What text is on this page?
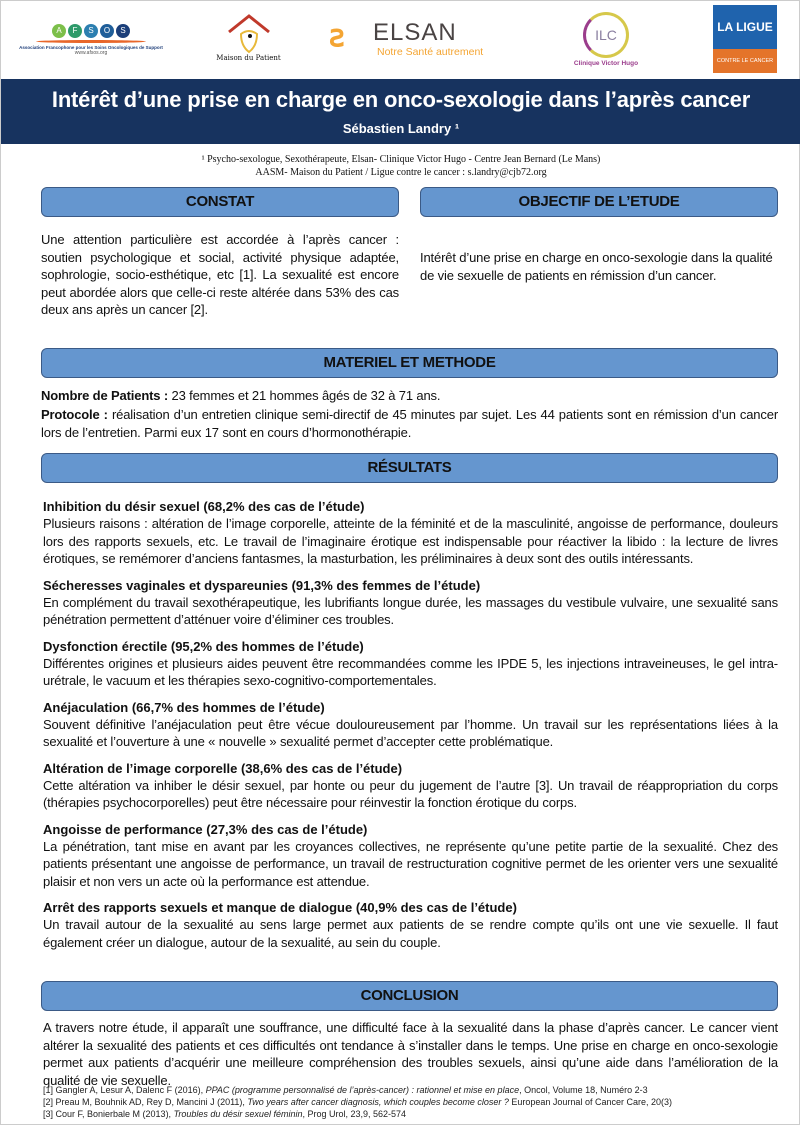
A	F	S	O	S
Association Francophone pour les Soins Oncologiques de Support
www.afsos.org
Maison du Patient
ꙅ ELSAN
Notre Santé autrement
ILC
Clinique Victor Hugo
LA LIGUE
CONTRE LE CANCER
Intérêt d’une prise en charge en onco-sexologie dans l’après cancer
Sébastien Landry ¹
¹ Psycho-sexologue, Sexothérapeute, Elsan- Clinique Victor Hugo - Centre Jean Bernard (Le Mans)
AASM- Maison du Patient / Ligue contre le cancer : s.landry@cjb72.org
CONSTAT	OBJECTIF DE L’ETUDE
Une attention particulière est accordée à l’après cancer : soutien psychologique et social, activité physique adaptée, sophrologie, socio-esthétique, etc [1]. La sexualité est encore peut abordée alors que celle-ci reste altérée dans 53% des cas deux ans après un cancer [2].
Intérêt d’une prise en charge en onco-sexologie dans la qualité de vie sexuelle de patients en rémission d’un cancer.
MATERIEL ET METHODE
Nombre de Patients : 23 femmes et 21 hommes âgés de 32 à 71 ans.
Protocole : réalisation d’un entretien clinique semi-directif de 45 minutes par sujet. Les 44 patients sont en rémission d’un cancer lors de l’entretien. Parmi eux 17 sont en cours d’hormonothérapie.
RÉSULTATS
Inhibition du désir sexuel (68,2% des cas de l’étude)

Plusieurs raisons : altération de l’image corporelle, atteinte de la féminité et de la masculinité, angoisse de performance, douleurs lors des rapports sexuels, etc. Le travail de l’imaginaire érotique est indispensable pour réactiver la libido : la lecture de livres érotiques, se remémorer d’anciens fantasmes, la masturbation, les préliminaires à deux sont des outils intéressants.

Sécheresses vaginales et dyspareunies (91,3% des femmes de l’étude)

En complément du travail sexothérapeutique, les lubrifiants longue durée, les massages du vestibule vulvaire, une sexualité sans pénétration permettent d’atténuer voire d’éliminer ces troubles.

Dysfonction érectile (95,2% des hommes de l’étude)

Différentes origines et plusieurs aides peuvent être recommandées comme les IPDE 5, les injections intraveineuses, le gel intra-urétrale, le vacuum et les thérapies sexo-cognitivo-comportementales.

Anéjaculation (66,7% des hommes de l’étude)

Souvent définitive l’anéjaculation peut être vécue douloureusement par l’homme. Un travail sur les représentations liées à la sexualité et l’ouverture à une « nouvelle » sexualité permet d’accepter cette problématique.

Altération de l’image corporelle (38,6% des cas de l’étude)

Cette altération va inhiber le désir sexuel, par honte ou peur du jugement de l’autre [3]. Un travail de réappropriation du corps (thérapies psychocorporelles) peut être nécessaire pour réinvestir la fonction érotique du corps.

Angoisse de performance (27,3% des cas de l’étude)

La pénétration, tant mise en avant par les croyances collectives, ne représente qu’une petite partie de la sexualité. Chez des patients présentant une angoisse de performance, un travail de restructuration cognitive permet de les orienter vers une sexualité plaisir et non vers un acte où la performance est attendue.

Arrêt des rapports sexuels et manque de dialogue (40,9% des cas de l’étude)

Un travail autour de la sexualité au sens large permet aux patients de se rendre compte qu’ils ont une vie sexuelle. Il faut également créer un dialogue, autour de la sexualité, au sein du couple.

CONCLUSION
A travers notre étude, il apparaît une souffrance, une difficulté face à la sexualité dans la phase d’après cancer. Le cancer vient altérer la sexualité des patients et ces difficultés ont tendance à s’installer dans le temps. Une prise en charge en onco-sexologie permet aux patients d’acquérir une meilleure compréhension des troubles sexuels, ainsi qu’une aide dans l’amélioration de la qualité de vie sexuelle.
[1] Gangler A, Lesur A, Dalenc F (2016), PPAC (programme personnalisé de l’après-cancer) : rationnel et mise en place, Oncol, Volume 18, Numéro 2-3
[2] Preau M, Bouhnik AD, Rey D, Mancini J (2011), Two years after cancer diagnosis, which couples become closer ? European Journal of Cancer Care, 20(3)
[3] Cour F, Bonierbale M (2013), Troubles du désir sexuel féminin, Prog Urol, 23,9, 562-574
